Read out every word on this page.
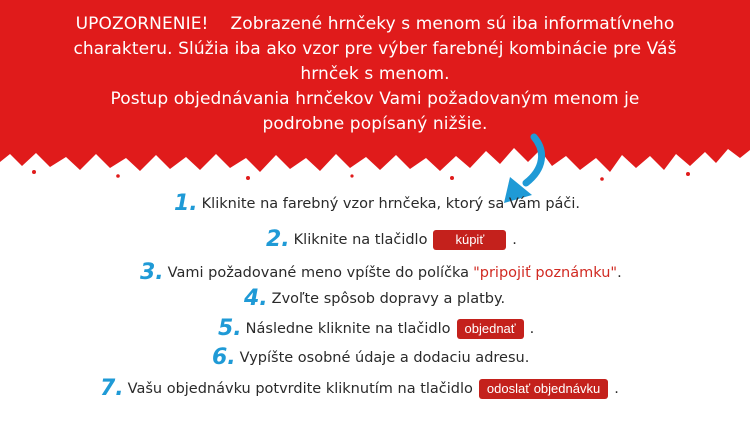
UPOZORNENIE! Zobrazené hrnčeky s menom sú iba informatívneho
charakteru. Slúžia iba ako vzor pre výber farebnéj kombinácie pre Váš
hrnček s menom.
Postup objednávania hrnčekov Vami požadovaným menom je
podrobne popísaný nižšie.
1. Kliknite na farebný vzor hrnčeka, ktorý sa Vám páči.
2. Kliknite na tlačidlo	kúpiť	.
3. Vami požadované meno vpíšte do políčka "pripojiť poznámku" .
4. Zvoľte spôsob dopravy a platby.
5. Následne kliknite na tlačidlo	objednať .
6. Vypíšte osobné údaje a dodaciu adresu.
7. Vašu objednávku potvrdite kliknutím na tlačidlo	odoslať objednávku .
